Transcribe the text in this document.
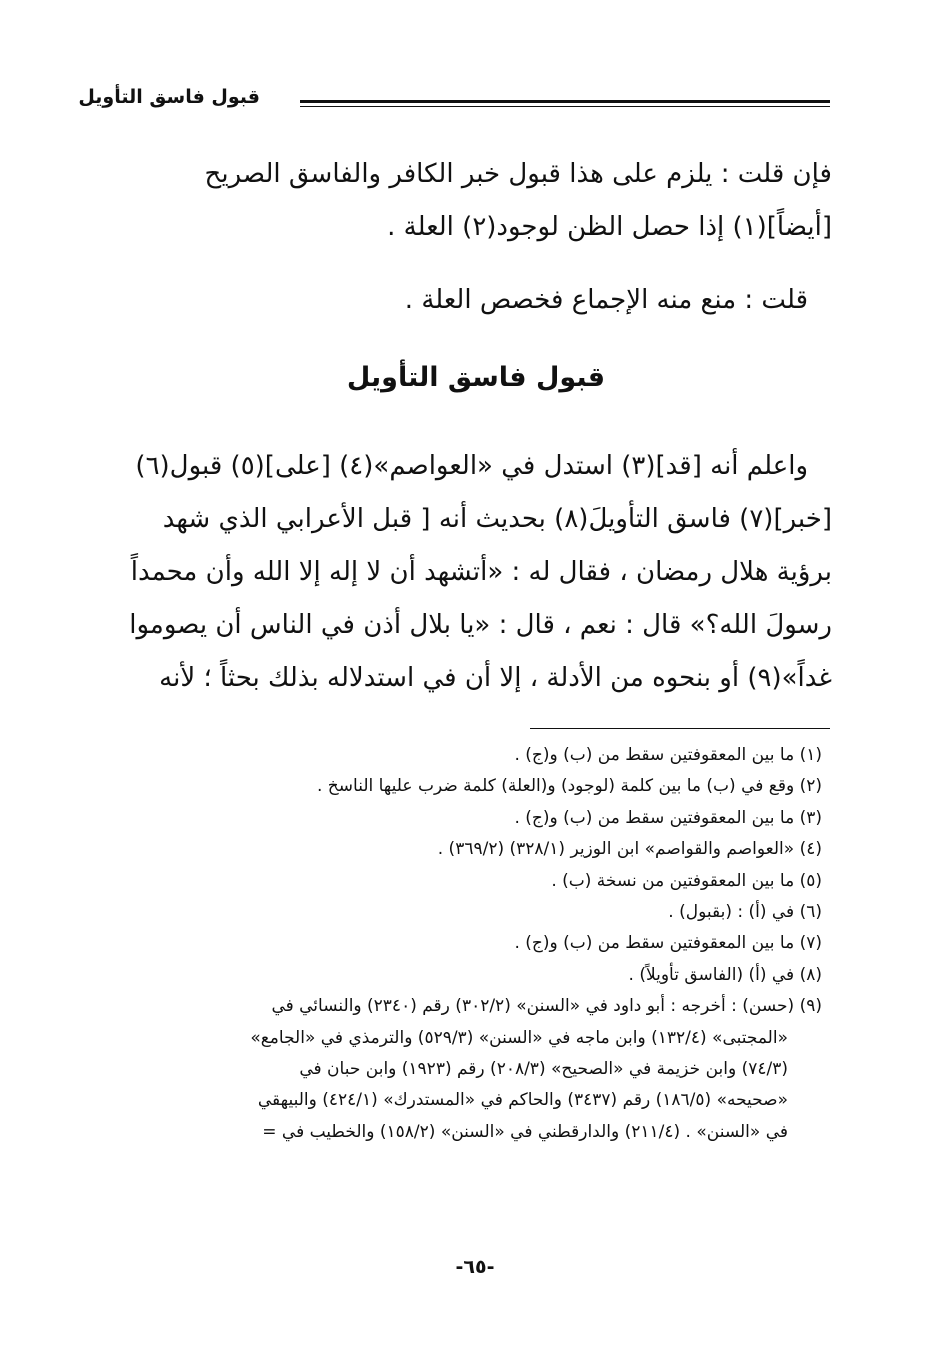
قبول فاسق التأويل
فإن قلت : يلزم على هذا قبول خبر الكافر والفاسق الصريح
[أيضاً](١) إذا حصل الظن لوجود(٢) العلة .
قلت : منع منه الإجماع فخصص العلة .
قبول فاسق التأويل
واعلم أنه [قد](٣) استدل في «العواصم»(٤) [على](٥) قبول(٦)
[خبر](٧) فاسق التأويلَ(٨) بحديث أنه [ قبل الأعرابي الذي شهد
برؤية هلال رمضان ، فقال له : «أتشهد أن لا إله إلا الله وأن محمداً
رسولَ الله؟» قال : نعم ، قال : «يا بلال أذن في الناس أن يصوموا
غداً»(٩) أو بنحوه من الأدلة ، إلا أن في استدلاله بذلك بحثاً ؛ لأنه
(١) ما بين المعقوفتين سقط من (ب) و(ج) .
(٢) وقع في (ب) ما بين كلمة (لوجود) و(العلة) كلمة ضرب عليها الناسخ .
(٣) ما بين المعقوفتين سقط من (ب) و(ج) .
(٤) «العواصم والقواصم» ابن الوزير (٣٢٨/١) (٣٦٩/٢) .
(٥) ما بين المعقوفتين من نسخة (ب) .
(٦) في (أ) : (بقبول) .
(٧) ما بين المعقوفتين سقط من (ب) و(ج) .
(٨) في (أ) (الفاسق تأويلاً) .
(٩) (حسن) : أخرجه : أبو داود في «السنن» (٣٠٢/٢) رقم (٢٣٤٠) والنسائي في
«المجتبى» (١٣٢/٤) وابن ماجه في «السنن» (٥٢٩/٣) والترمذي في «الجامع»
(٧٤/٣) وابن خزيمة في «الصحيح» (٢٠٨/٣) رقم (١٩٢٣) وابن حبان في
«صحيحه» (١٨٦/٥) رقم (٣٤٣٧) والحاكم في «المستدرك» (٤٢٤/١) والبيهقي
في «السنن» . (٢١١/٤) والدارقطني في «السنن» (١٥٨/٢) والخطيب في =
-٦٥-
